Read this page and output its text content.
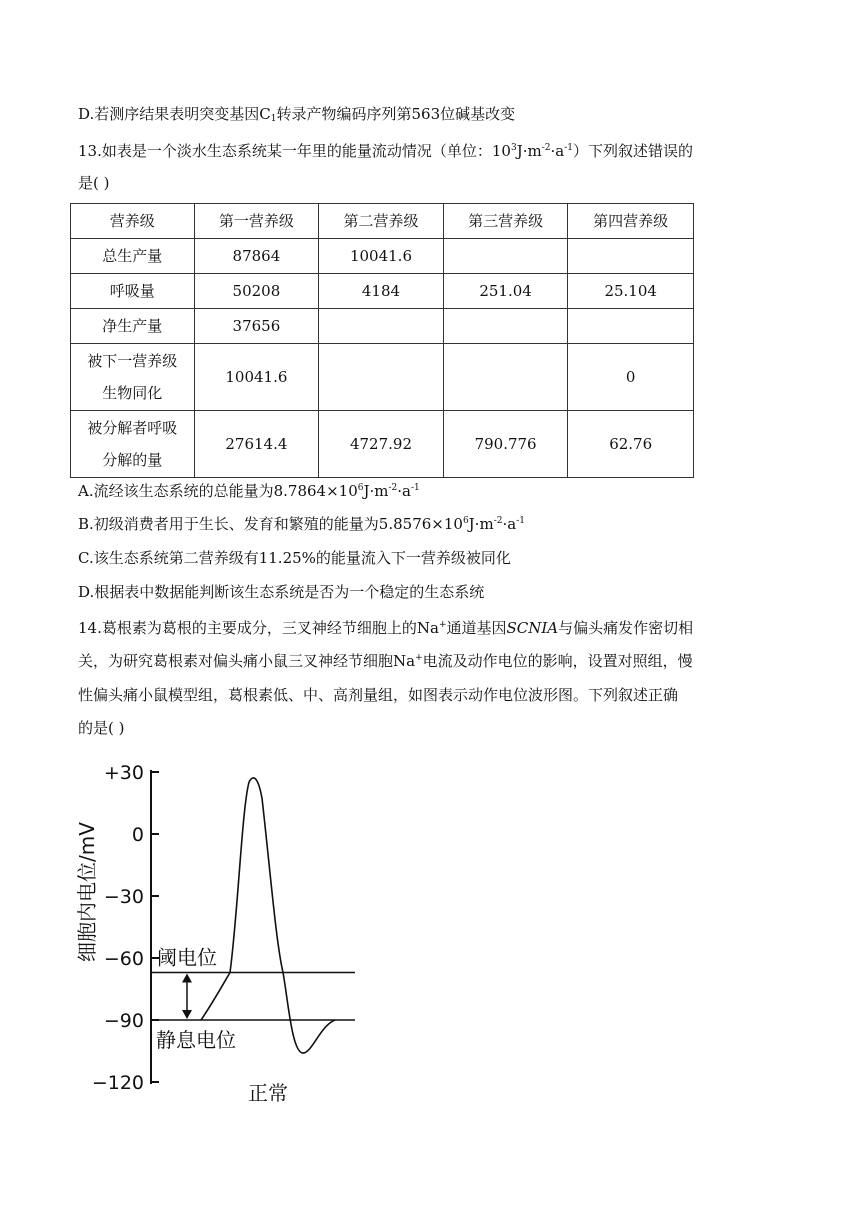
D.若测序结果表明突变基因$C_1$转录产物编码序列第563位碱基改变
13.如表是一个淡水生态系统某一年里的能量流动情况（单位：$10^3J\cdot m^{-2}\cdot a^{-1}$）下列叙述错误的
是( )
营养级	第一营养级	第二营养级	第三营养级	第四营养级
总生产量	87864	10041.6		
呼吸量	50208	4184	251.04	25.104
净生产量	37656			

被下一营养级
生物同化	10041.6			0

被分解者呼吸
分解的量	27614.4	4727.92	790.776	62.76
A.流经该生态系统的总能量为$8.7864\times 10^6J\cdot m^{-2}\cdot a^{-1}$
B.初级消费者用于生长、发育和繁殖的能量为$5.8576\times 10^6J\cdot m^{-2}\cdot a^{-1}$
C.该生态系统第二营养级有11.25%的能量流入下一营养级被同化
D.根据表中数据能判断该生态系统是否为一个稳定的生态系统
14.葛根素为葛根的主要成分，三叉神经节细胞上的Na+通道基因SCNIA与偏头痛发作密切相
关，为研究葛根素对偏头痛小鼠三叉神经节细胞Na+电流及动作电位的影响，设置对照组，慢
性偏头痛小鼠模型组，葛根素低、中、高剂量组，如图表示动作电位波形图。下列叙述正确
的是( )
+30
0
−30
−60
−90
−120
阈电位
静息电位
细胞内电位/mV
正常
